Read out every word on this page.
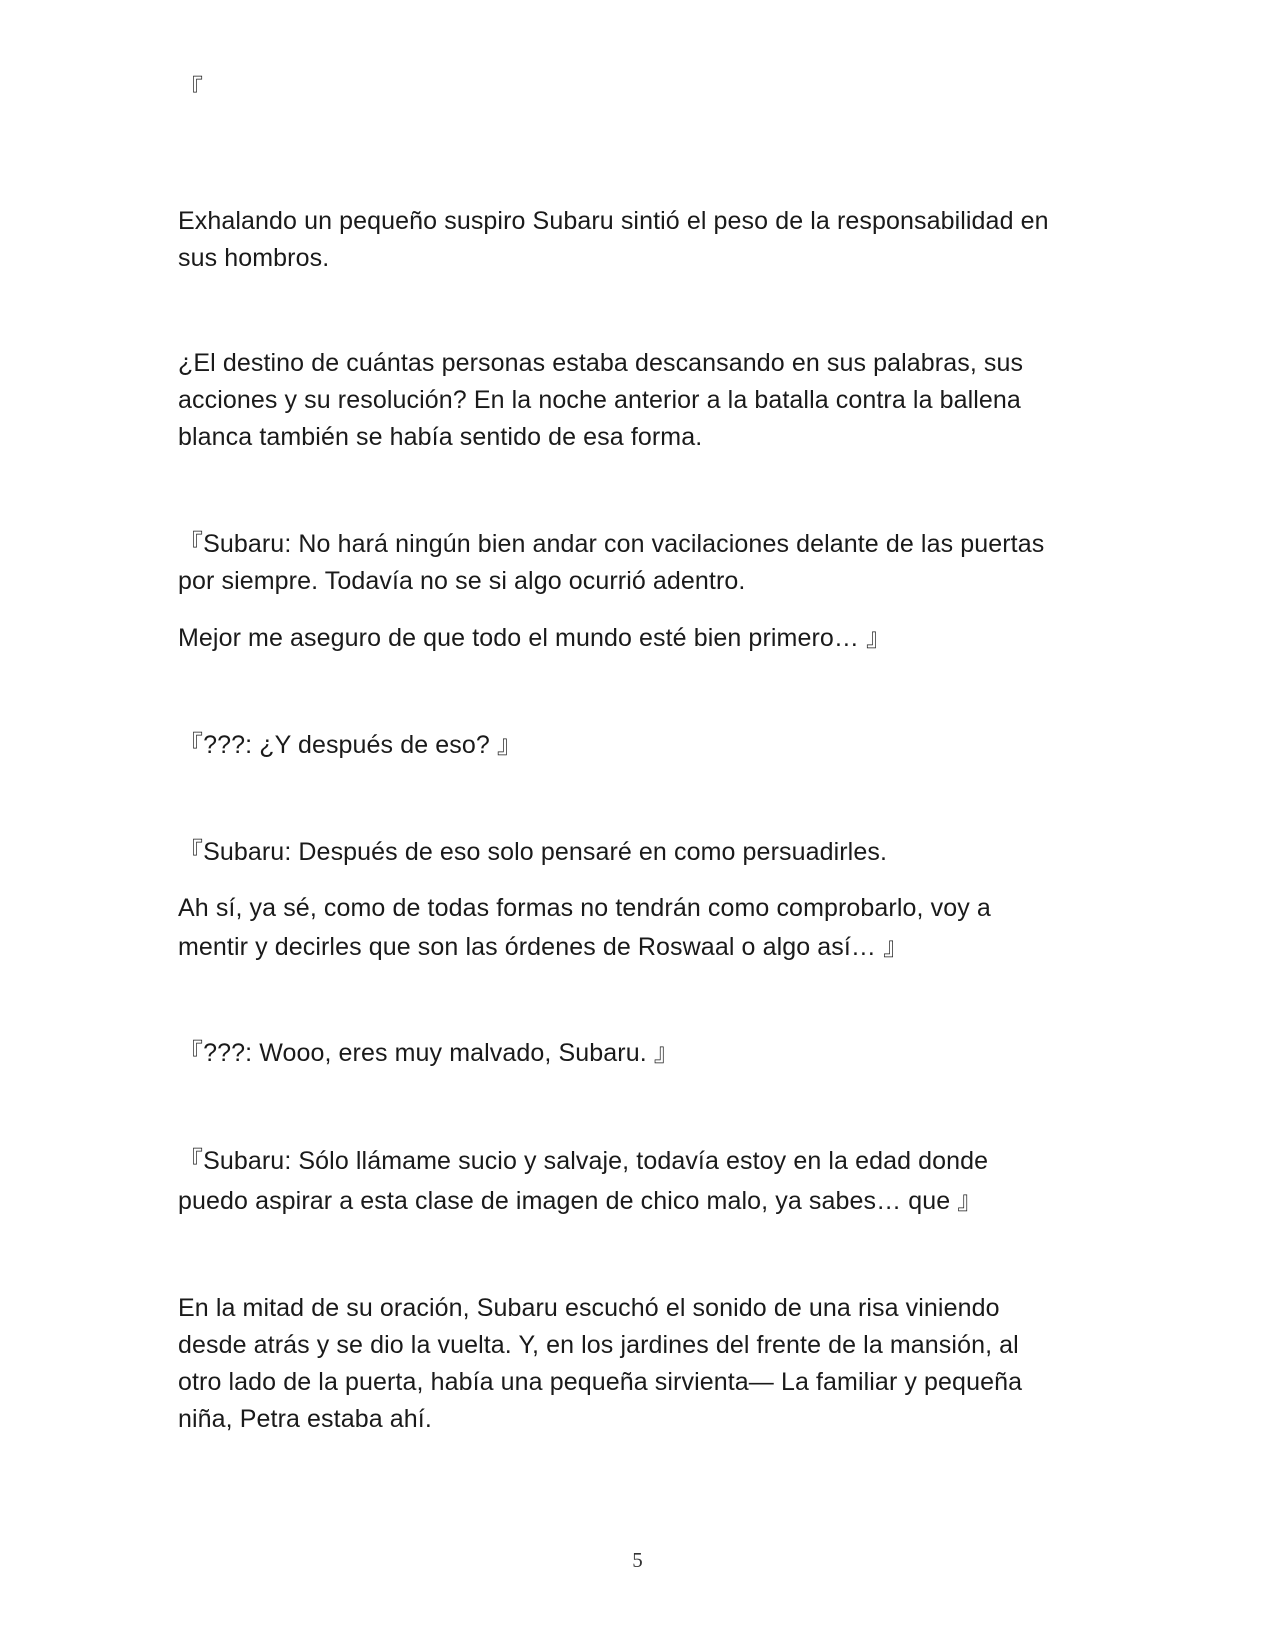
『
Exhalando un pequeño suspiro Subaru sintió el peso de la responsabilidad en
sus hombros.
¿El destino de cuántas personas estaba descansando en sus palabras, sus
acciones y su resolución? En la noche anterior a la batalla contra la ballena
blanca también se había sentido de esa forma.
『Subaru: No hará ningún bien andar con vacilaciones delante de las puertas
por siempre. Todavía no se si algo ocurrió adentro.
Mejor me aseguro de que todo el mundo esté bien primero… 』
『???: ¿Y después de eso? 』
『Subaru: Después de eso solo pensaré en como persuadirles.
Ah sí, ya sé, como de todas formas no tendrán como comprobarlo, voy a
mentir y decirles que son las órdenes de Roswaal o algo así… 』
『???: Wooo, eres muy malvado, Subaru. 』
『Subaru: Sólo llámame sucio y salvaje, todavía estoy en la edad donde
puedo aspirar a esta clase de imagen de chico malo, ya sabes… que 』
En la mitad de su oración, Subaru escuchó el sonido de una risa viniendo
desde atrás y se dio la vuelta. Y, en los jardines del frente de la mansión, al
otro lado de la puerta, había una pequeña sirvienta— La familiar y pequeña
niña, Petra estaba ahí.
5
